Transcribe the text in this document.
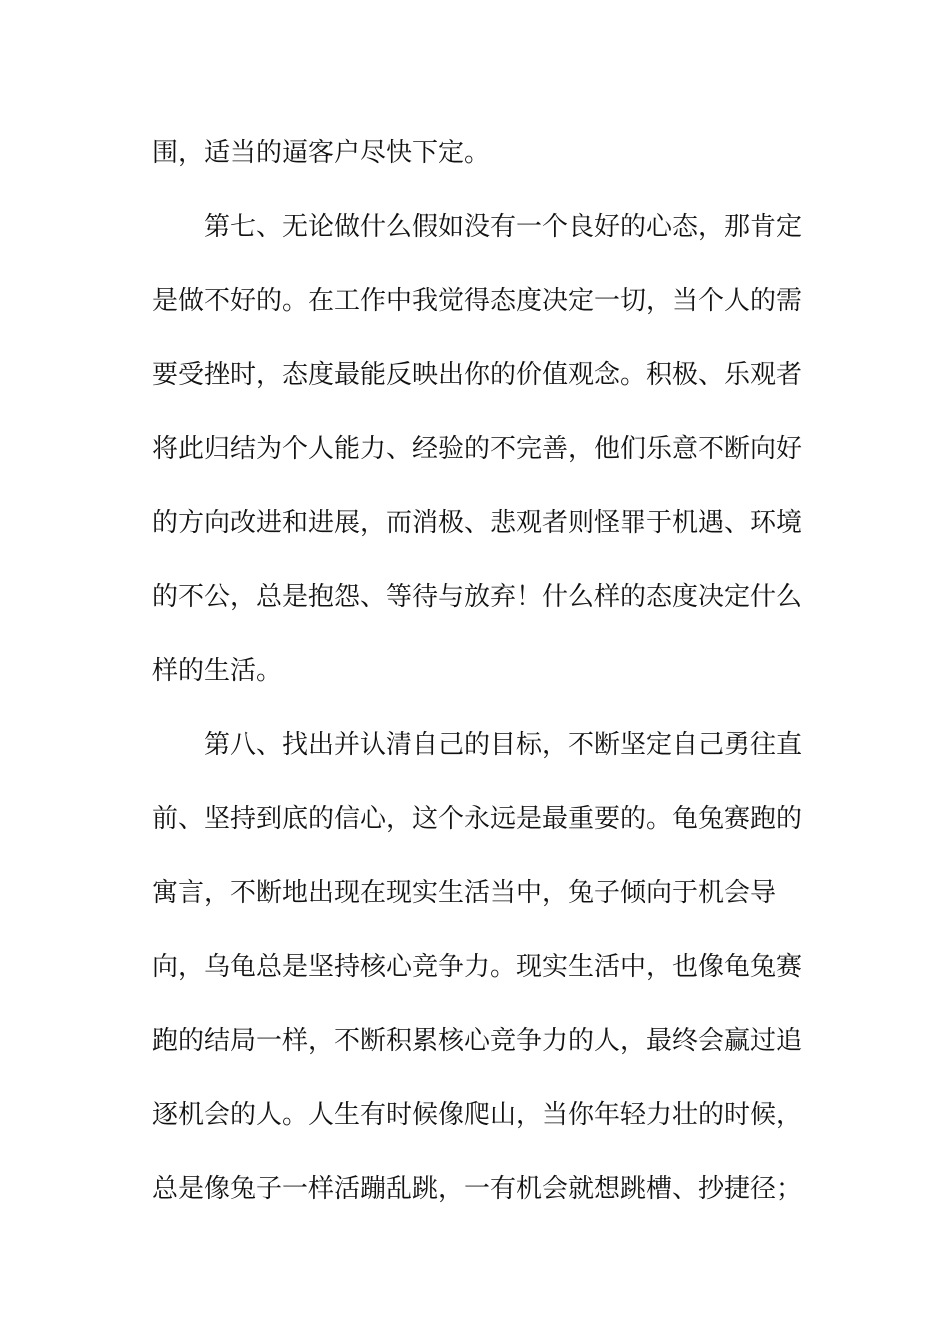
围，适当的逼客户尽快下定。
第七、无论做什么假如没有一个良好的心态，那肯定
是做不好的。在工作中我觉得态度决定一切，当个人的需
要受挫时，态度最能反映出你的价值观念。积极、乐观者
将此归结为个人能力、经验的不完善，他们乐意不断向好
的方向改进和进展，而消极、悲观者则怪罪于机遇、环境
的不公，总是抱怨、等待与放弃！什么样的态度决定什么
样的生活。
第八、找出并认清自己的目标，不断坚定自己勇往直
前、坚持到底的信心，这个永远是最重要的。龟兔赛跑的
寓言，不断地出现在现实生活当中，兔子倾向于机会导
向，乌龟总是坚持核心竞争力。现实生活中，也像龟兔赛
跑的结局一样，不断积累核心竞争力的人，最终会赢过追
逐机会的人。人生有时候像爬山，当你年轻力壮的时候，
总是像兔子一样活蹦乱跳，一有机会就想跳槽、抄捷径；
